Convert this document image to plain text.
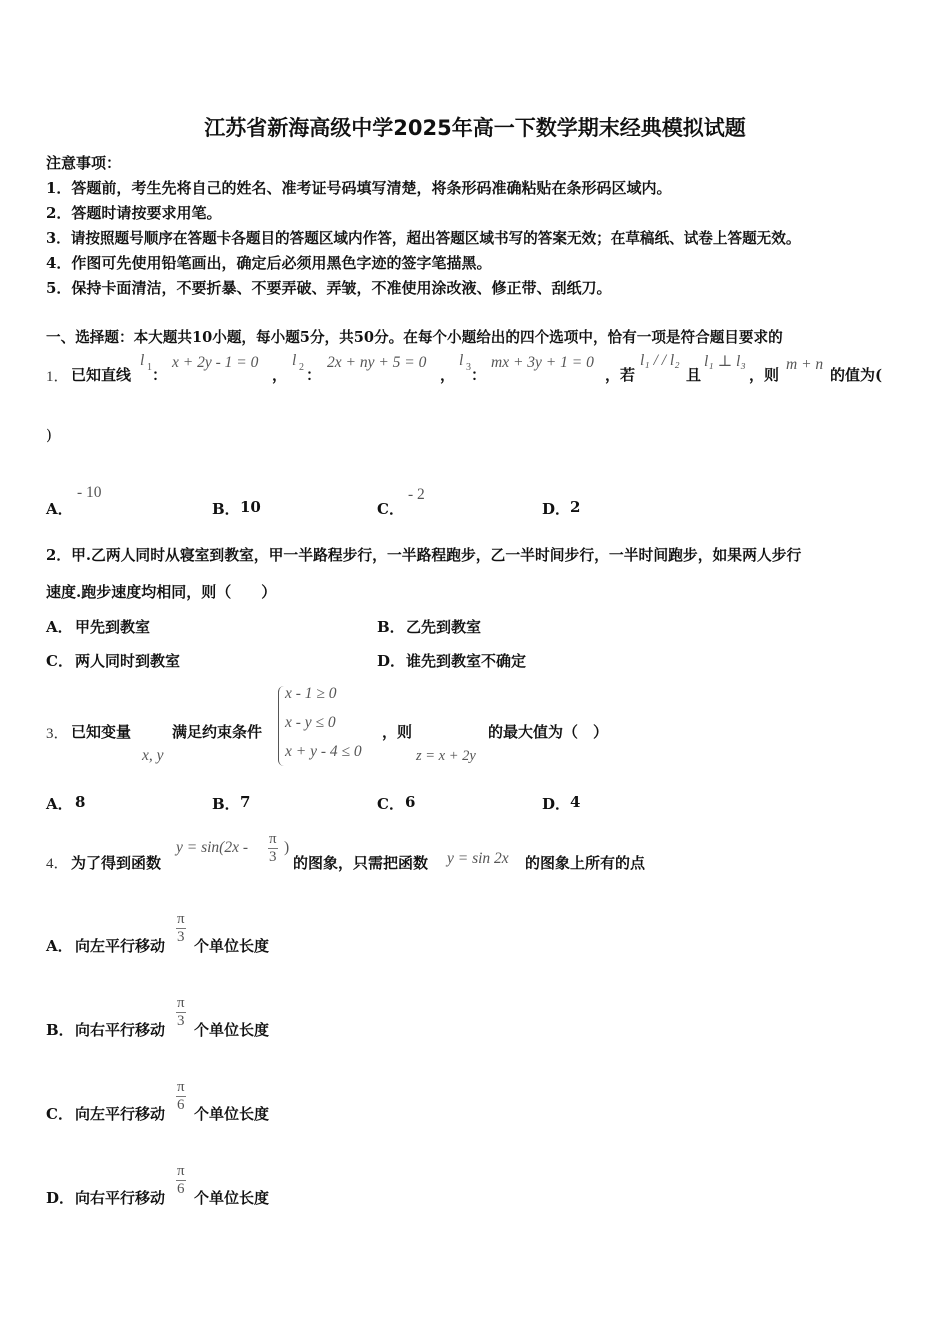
江苏省新海高级中学2025年高一下数学期末经典模拟试题
注意事项：
1．答题前，考生先将自己的姓名、准考证号码填写清楚，将条形码准确粘贴在条形码区域内。
2．答题时请按要求用笔。
3．请按照题号顺序在答题卡各题目的答题区域内作答，超出答题区域书写的答案无效；在草稿纸、试卷上答题无效。
4．作图可先使用铅笔画出，确定后必须用黑色字迹的签字笔描黑。
5．保持卡面清洁，不要折暴、不要弄破、弄皱，不准使用涂改液、修正带、刮纸刀。
一、选择题：本大题共10小题，每小题5分，共50分。在每个小题给出的四个选项中，恰有一项是符合题目要求的
1． 已知直线
l 1 ：
x + 2y - 1 = 0
，
l 2 ：
2x + ny + 5 = 0
，
l 3 ：
mx + 3y + 1 = 0
，若
l₁ / / l₂
且
l₁ ⊥ l₃
，则
m + n
的值为(
)
A．
- 10
B． 10	C．
- 2
D． 2
2．甲.乙两人同时从寝室到教室，甲一半路程步行，一半路程跑步，乙一半时间步行，一半时间跑步，如果两人步行
速度.跑步速度均相同，则（　　）
A． 甲先到教室	B． 乙先到教室
C． 两人同时到教室	D． 谁先到教室不确定
3． 已知变量
x, y
满足约束条件
x - 1 ≥ 0
x - y ≤ 0
x + y - 4 ≤ 0
，则
z = x + 2y
的最大值为（　）
A． 8	B． 7	C． 6	D． 4
4． 为了得到函数
$y = \sin(2x - \frac{\pi}{3}$ )
的图象，只需把函数 y = sin 2x 的图象上所有的点
A． 向左平行移动 $\frac{\pi}{3}$ 个单位长度
B． 向右平行移动 $\frac{\pi}{3}$ 个单位长度
C． 向左平行移动 $\frac{\pi}{6}$ 个单位长度
D． 向右平行移动 $\frac{\pi}{6}$ 个单位长度
